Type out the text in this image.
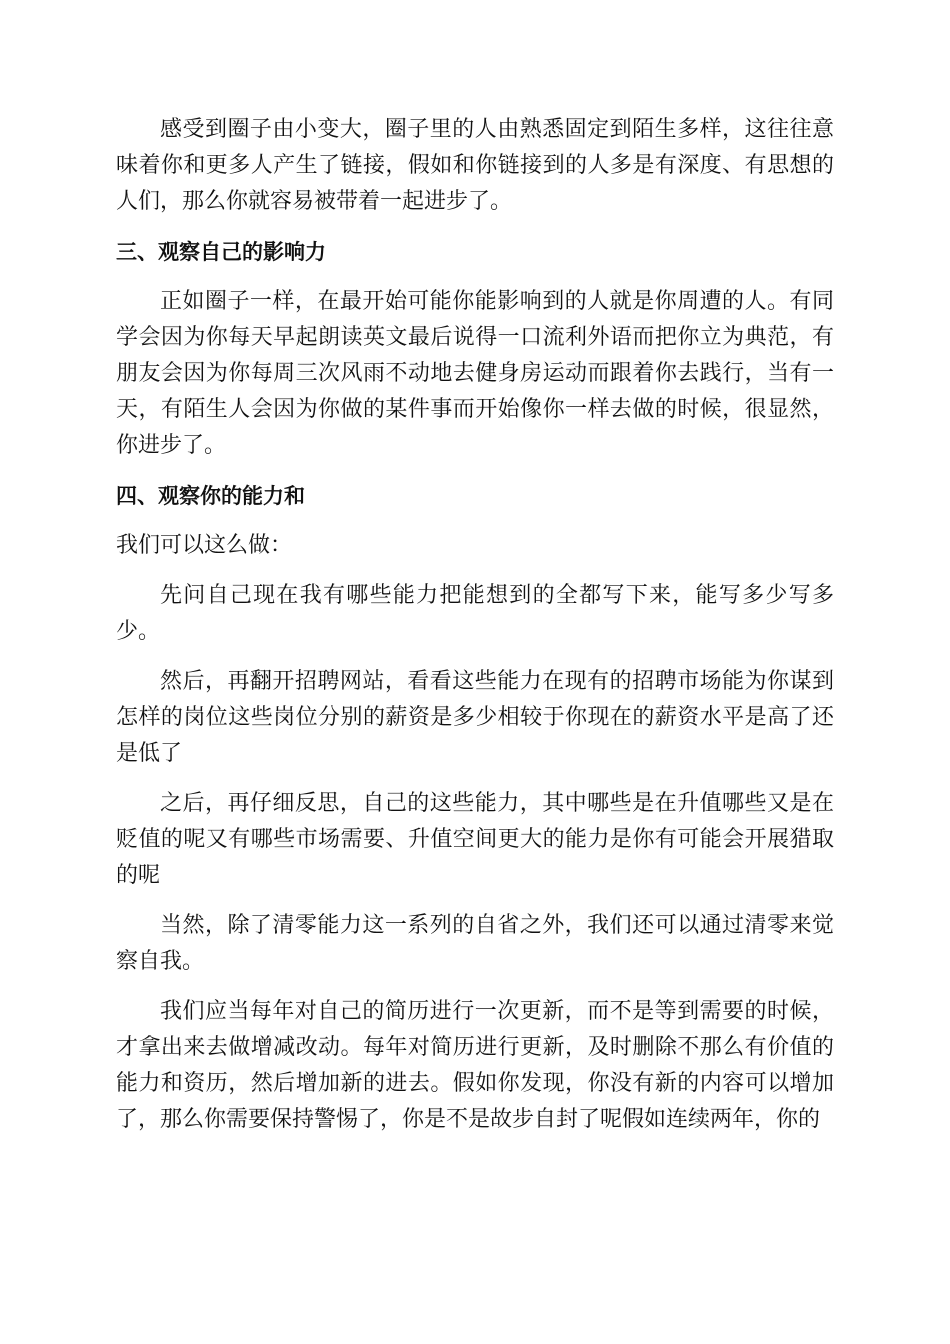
感受到圈子由小变大，圈子里的人由熟悉固定到陌生多样，这往往意味着你和更多人产生了链接，假如和你链接到的人多是有深度、有思想的人们，那么你就容易被带着一起进步了。

三、观察自己的影响力

正如圈子一样，在最开始可能你能影响到的人就是你周遭的人。有同学会因为你每天早起朗读英文最后说得一口流利外语而把你立为典范，有朋友会因为你每周三次风雨不动地去健身房运动而跟着你去践行，当有一天，有陌生人会因为你做的某件事而开始像你一样去做的时候，很显然，你进步了。

四、观察你的能力和

我们可以这么做：

先问自己现在我有哪些能力把能想到的全都写下来，能写多少写多少。

然后，再翻开招聘网站，看看这些能力在现有的招聘市场能为你谋到怎样的岗位这些岗位分别的薪资是多少相较于你现在的薪资水平是高了还是低了

之后，再仔细反思，自己的这些能力，其中哪些是在升值哪些又是在贬值的呢又有哪些市场需要、升值空间更大的能力是你有可能会开展猎取的呢

当然，除了清零能力这一系列的自省之外，我们还可以通过清零来觉察自我。

我们应当每年对自己的简历进行一次更新，而不是等到需要的时候，才拿出来去做增减改动。每年对简历进行更新，及时删除不那么有价值的能力和资历，然后增加新的进去。假如你发现，你没有新的内容可以增加了，那么你需要保持警惕了，你是不是故步自封了呢假如连续两年，你的
